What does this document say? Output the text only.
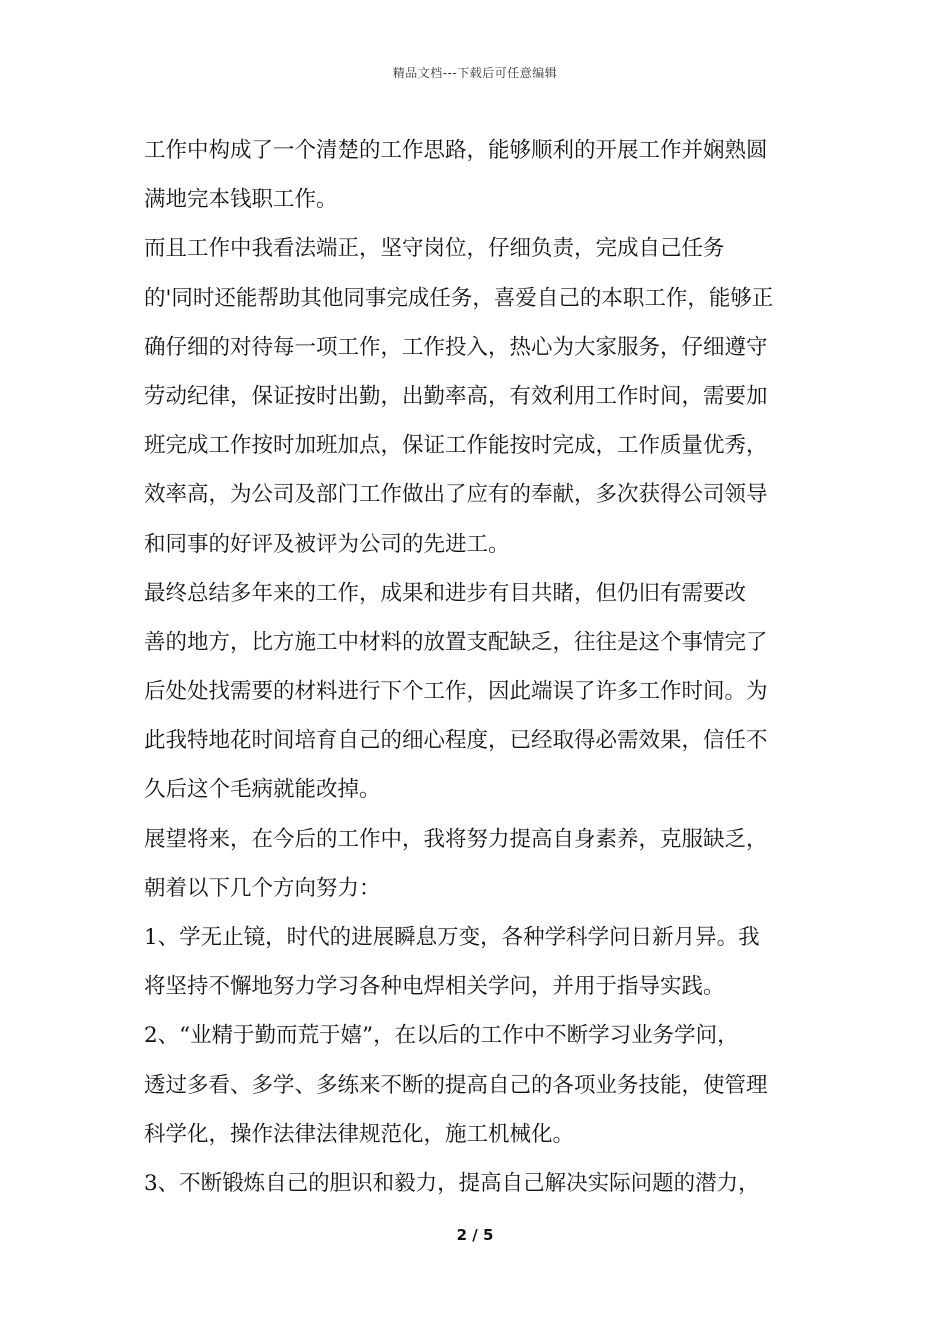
精品文档---下载后可任意编辑
工作中构成了一个清楚的工作思路，能够顺利的开展工作并娴熟圆
满地完本钱职工作。
而且工作中我看法端正，坚守岗位，仔细负责，完成自己任务
的'同时还能帮助其他同事完成任务，喜爱自己的本职工作，能够正
确仔细的对待每一项工作，工作投入，热心为大家服务，仔细遵守
劳动纪律，保证按时出勤，出勤率高，有效利用工作时间，需要加
班完成工作按时加班加点，保证工作能按时完成，工作质量优秀，
效率高，为公司及部门工作做出了应有的奉献，多次获得公司领导
和同事的好评及被评为公司的先进工。
最终总结多年来的工作，成果和进步有目共睹，但仍旧有需要改
善的地方，比方施工中材料的放置支配缺乏，往往是这个事情完了
后处处找需要的材料进行下个工作，因此端误了许多工作时间。为
此我特地花时间培育自己的细心程度，已经取得必需效果，信任不
久后这个毛病就能改掉。
展望将来，在今后的工作中，我将努力提高自身素养，克服缺乏，
朝着以下几个方向努力：
1、学无止镜，时代的进展瞬息万变，各种学科学问日新月异。我
将坚持不懈地努力学习各种电焊相关学问，并用于指导实践。
2、“业精于勤而荒于嬉”，在以后的工作中不断学习业务学问，
透过多看、多学、多练来不断的提高自己的各项业务技能，使管理
科学化，操作法律法律规范化，施工机械化。
3、不断锻炼自己的胆识和毅力，提高自己解决实际问题的潜力，
2 / 5
